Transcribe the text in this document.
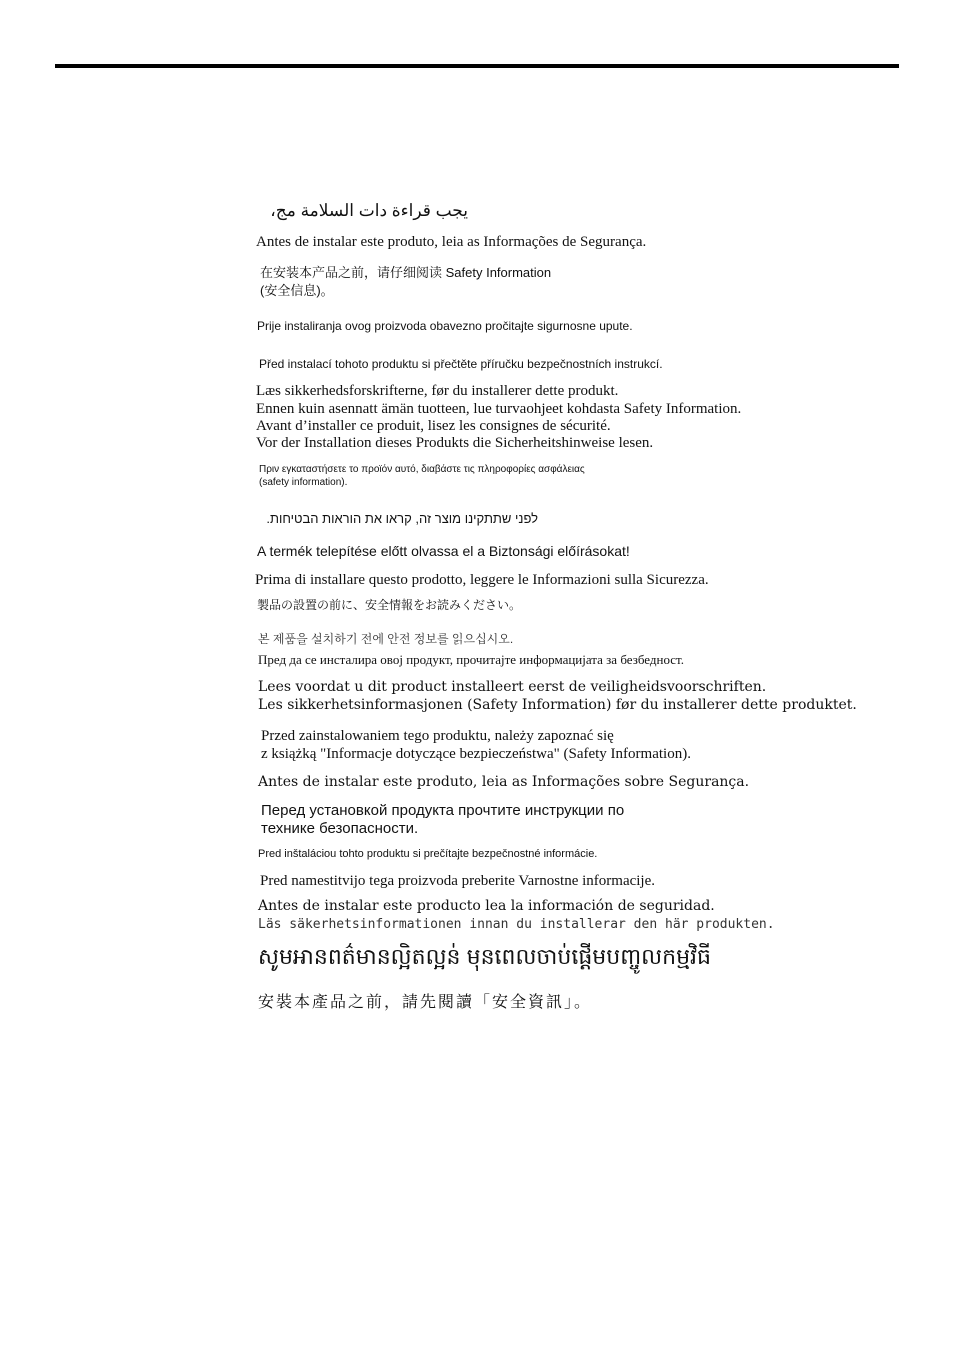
يجب قراءة دات السلامة مج،
Antes de instalar este produto, leia as Informações de Segurança.
在安装本产品之前，请仔细阅读 Safety Information
(安全信息)。
Prije instaliranja ovog proizvoda obavezno pročitajte sigurnosne upute.
Před instalací tohoto produktu si přečtěte příručku bezpečnostních instrukcí.
Læs sikkerhedsforskrifterne, før du installerer dette produkt.
Ennen kuin asennatt ämän tuotteen, lue turvaohjeet kohdasta Safety Information.
Avant d’installer ce produit, lisez les consignes de sécurité.
Vor der Installation dieses Produkts die Sicherheitshinweise lesen.
Πριν εγκαταστήσετε το προϊόν αυτό, διαβάστε τις πληροφορίες ασφάλειας
(safety information).
לפני שתתקינו מוצר זה, קראו את הוראות הבטיחות.
A termék telepítése előtt olvassa el a Biztonsági előírásokat!
Prima di installare questo prodotto, leggere le Informazioni sulla Sicurezza.
製品の設置の前に、安全情報をお読みください。
본 제품을 설치하기 전에 안전 정보를 읽으십시오.
Пред да се инсталира овој продукт, прочитајте информацијата за безбедност.
Lees voordat u dit product installeert eerst de veiligheidsvoorschriften.
Les sikkerhetsinformasjonen (Safety Information) før du installerer dette produktet.
Przed zainstalowaniem tego produktu, należy zapoznać się
z książką "Informacje dotyczące bezpieczeństwa" (Safety Information).
Antes de instalar este produto, leia as Informações sobre Segurança.
Перед установкой продукта прочтите инструкции по
технике безопасности.
Pred inštaláciou tohto produktu si prečítajte bezpečnostné informácie.
Pred namestitvijo tega proizvoda preberite Varnostne informacije.
Antes de instalar este producto lea la información de seguridad.
Läs säkerhetsinformationen innan du installerar den här produkten.
សូមអានពត៌មានល្អិតល្អន់ មុនពេលចាប់ផ្តើមបញ្ចូលកម្មវិធី
安裝本產品之前，請先閱讀「安全資訊」。
